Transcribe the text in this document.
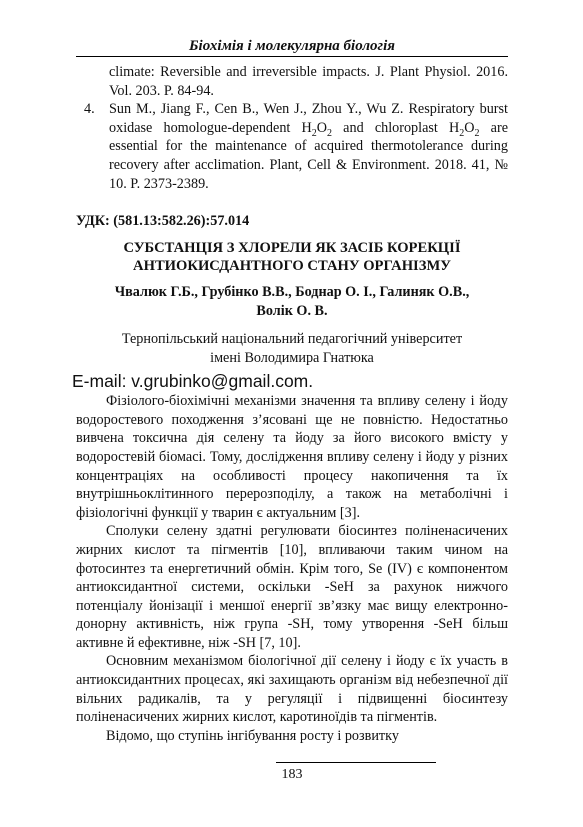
Біохімія і молекулярна біологія
climate: Reversible and irreversible impacts. J. Plant Physiol. 2016. Vol. 203. P. 84-94.
4.	Sun M., Jiang F., Cen B., Wen J., Zhou Y., Wu Z. Respiratory burst oxidase homologue-dependent $H_2O_2$ and chloroplast $H_2O_2$ are essential for the maintenance of acquired thermotolerance during recovery after acclimation. Plant, Cell & Environment. 2018. 41, № 10. P. 2373-2389.
УДК: (581.13:582.26):57.014
СУБСТАНЦІЯ З ХЛОРЕЛИ ЯК ЗАСІБ КОРЕКЦІЇ
АНТИОКИСДАНТНОГО СТАНУ ОРГАНІЗМУ
Чвалюк Г.Б., Грубінко В.В., Боднар О. І., Галиняк О.В.,
Волік О. В.
Тернопільський національний педагогічний університет
імені Володимира Гнатюка
E-mail: v.grubinko@gmail.com.

Фізіолого-біохімічні механізми значення та впливу селену і йоду водоростевого походження з’ясовані ще не повністю. Недостатньо вивчена токсична дія селену та йоду за його високого вмісту у водоростевій біомасі. Тому, дослідження впливу селену і йоду у різних концентраціях на особливості процесу накопичення та їх внутрішньоклітинного перерозподілу, а також на метаболічні і фізіологічні функції у тварин є актуальним [3].

Сполуки селену здатні регулювати біосинтез поліненасичених жирних кислот та пігментів [10], впливаючи таким чином на фотосинтез та енергетичний обмін. Крім того, Se (IV) є компонентом антиоксидантної системи, оскільки -SeH за рахунок нижчого потенціалу йонізації і меншої енергії зв’язку має вищу електронно-донорну активність, ніж група -SH, тому утворення -SeH більш активне й ефективне, ніж -SH [7, 10].

Основним механізмом біологічної дії селену і йоду є їх участь в антиоксидантних процесах, які захищають організм від небезпечної дії вільних радикалів, та у регуляції і підвищенні біосинтезу поліненасичених жирних кислот, каротиноїдів та пігментів.

Відомо, що ступінь інгібування росту і розвитку

183
